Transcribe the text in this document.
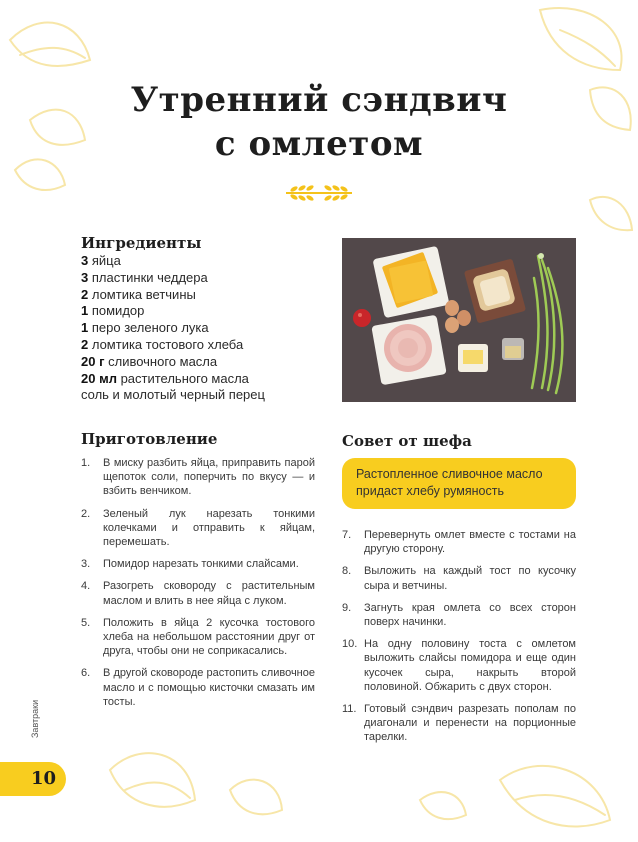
Утренний сэндвич
с омлетом
Ингредиенты
3 яйца
3 пластинки чеддера
2 ломтика ветчины
1 помидор
1 перо зеленого лука
2 ломтика тостового хлеба
20 г сливочного масла
20 мл растительного масла
соль и молотый черный перец
Приготовление
1. В миску разбить яйца, приправить парой щепоток соли, поперчить по вкусу — и взбить венчиком.
2. Зеленый лук нарезать тонкими колечками и отправить к яйцам, перемешать.
3. Помидор нарезать тонкими слайсами.
4. Разогреть сковороду с растительным маслом и влить в нее яйца с луком.
5. Положить в яйца 2 кусочка тостового хлеба на небольшом расстоянии друг от друга, чтобы они не соприкасались.
6. В другой сковороде растопить сливочное масло и с помощью кисточки смазать им тосты.
Совет от шефа
Растопленное сливочное масло придаст хлебу румяность
7. Перевернуть омлет вместе с тостами на другую сторону.
8. Выложить на каждый тост по кусочку сыра и ветчины.
9. Загнуть края омлета со всех сторон поверх начинки.
10. На одну половину тоста с омлетом выложить слайсы помидора и еще один кусочек сыра, накрыть второй половиной. Обжарить с двух сторон.
11. Готовый сэндвич разрезать пополам по диагонали и перенести на порционные тарелки.
Завтраки
10
